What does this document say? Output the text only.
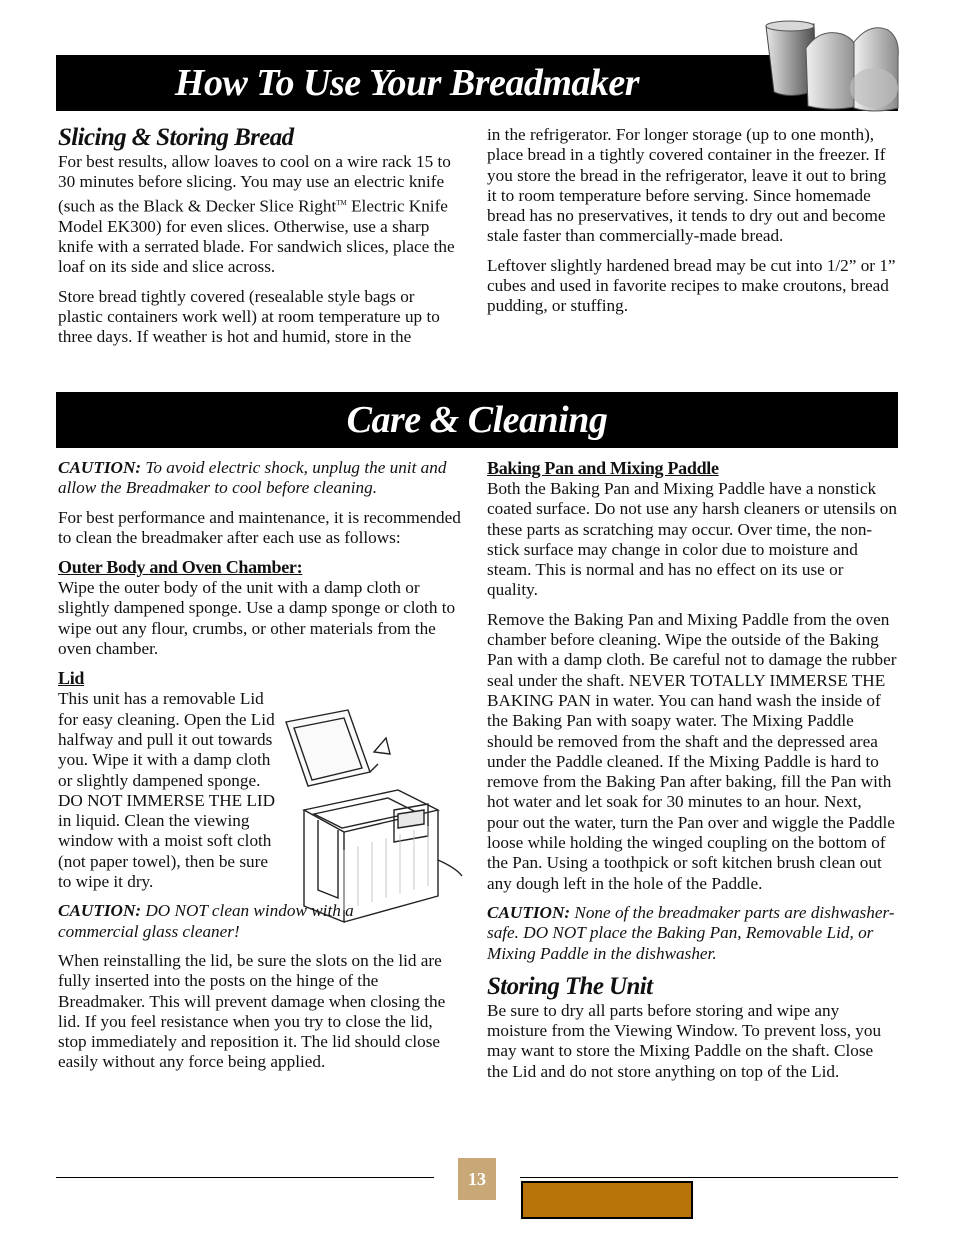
How To Use Your Breadmaker
Slicing & Storing Bread

For best results, allow loaves to cool on a wire rack 15 to 30 minutes before slicing. You may use an electric knife (such as the Black & Decker Slice Right™ Electric Knife Model EK300) for even slices. Otherwise, use a sharp knife with a serrated blade. For sandwich slices, place the loaf on its side and slice across.

Store bread tightly covered (resealable style bags or plastic containers work well) at room temperature up to three days. If weather is hot and humid, store in the

in the refrigerator. For longer storage (up to one month), place bread in a tightly covered container in the freezer. If you store the bread in the refrigerator, leave it out to bring it to room temperature before serving. Since homemade bread has no preservatives, it tends to dry out and become stale faster than commercially-made bread.

Leftover slightly hardened bread may be cut into 1/2” or 1” cubes and used in favorite recipes to make croutons, bread pudding, or stuffing.

Care & Cleaning

CAUTION: To avoid electric shock, unplug the unit and allow the Breadmaker to cool before cleaning.

For best performance and maintenance, it is recommended to clean the breadmaker after each use as follows:

Outer Body and Oven Chamber:

Wipe the outer body of the unit with a damp cloth or slightly dampened sponge. Use a damp sponge or cloth to wipe out any flour, crumbs, or other materials from the oven chamber.

Lid

This unit has a removable Lid for easy cleaning. Open the Lid halfway and pull it out towards you. Wipe it with a damp cloth or slightly dampened sponge. DO NOT IMMERSE THE LID in liquid. Clean the viewing window with a moist soft cloth (not paper towel), then be sure to wipe it dry.

CAUTION: DO NOT clean window with a commercial glass cleaner!

When reinstalling the lid, be sure the slots on the lid are fully inserted into the posts on the hinge of the Breadmaker. This will prevent damage when closing the lid. If you feel resistance when you try to close the lid, stop immediately and reposition it. The lid should close easily without any force being applied.

Baking Pan and Mixing Paddle

Both the Baking Pan and Mixing Paddle have a nonstick coated surface. Do not use any harsh cleaners or utensils on these parts as scratching may occur. Over time, the non-stick surface may change in color due to moisture and steam. This is normal and has no effect on its use or quality.

Remove the Baking Pan and Mixing Paddle from the oven chamber before cleaning. Wipe the outside of the Baking Pan with a damp cloth. Be careful not to damage the rubber seal under the shaft. NEVER TOTALLY IMMERSE THE BAKING PAN in water. You can hand wash the inside of the Baking Pan with soapy water. The Mixing Paddle should be removed from the shaft and the depressed area under the Paddle cleaned. If the Mixing Paddle is hard to remove from the Baking Pan after baking, fill the Pan with hot water and let soak for 30 minutes to an hour. Next, pour out the water, turn the Pan over and wiggle the Paddle loose while holding the winged coupling on the bottom of the Pan. Using a toothpick or soft kitchen brush clean out any dough left in the hole of the Paddle.

CAUTION: None of the breadmaker parts are dishwasher-safe. DO NOT place the Baking Pan, Removable Lid, or Mixing Paddle in the dishwasher.

Storing The Unit

Be sure to dry all parts before storing and wipe any moisture from the Viewing Window. To prevent loss, you may want to store the Mixing Paddle on the shaft. Close the Lid and do not store anything on top of the Lid.

13
